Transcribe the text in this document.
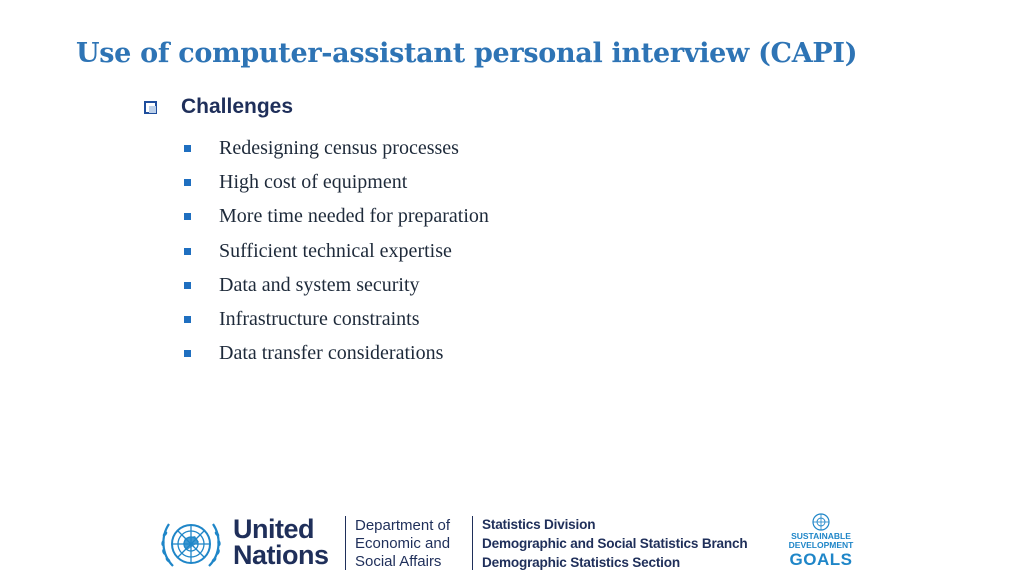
Use of computer-assistant personal interview (CAPI)
Challenges
Redesigning census processes
High cost of equipment
More time needed for preparation
Sufficient technical expertise
Data and system security
Infrastructure constraints
Data transfer considerations
United
Nations
Department of
Economic and
Social Affairs
Statistics Division
Demographic and Social Statistics Branch
Demographic Statistics Section
SUSTAINABLE
DEVELOPMENT
GOALS
